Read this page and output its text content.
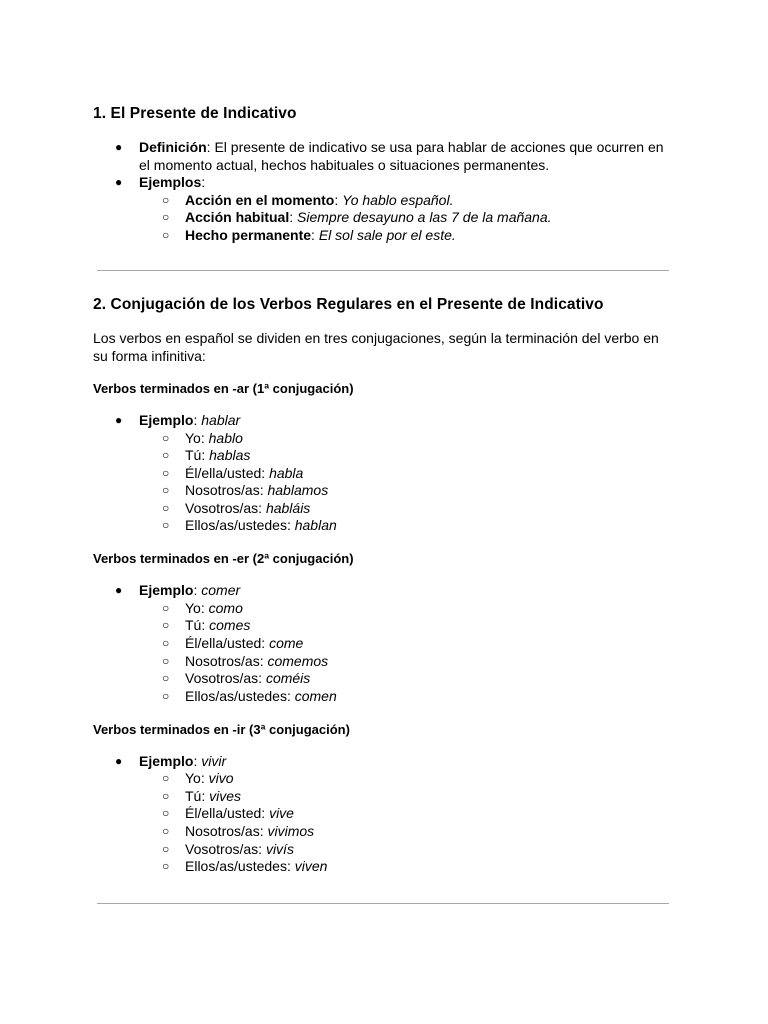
1. El Presente de Indicativo
● Definición: El presente de indicativo se usa para hablar de acciones que ocurren en el momento actual, hechos habituales o situaciones permanentes.
● Ejemplos:
○ Acción en el momento: Yo hablo español.
○ Acción habitual: Siempre desayuno a las 7 de la mañana.
○ Hecho permanente: El sol sale por el este.
2. Conjugación de los Verbos Regulares en el Presente de Indicativo
Los verbos en español se dividen en tres conjugaciones, según la terminación del verbo en su forma infinitiva:
Verbos terminados en -ar (1ª conjugación)
● Ejemplo: hablar
○ Yo: hablo
○ Tú: hablas
○ Él/ella/usted: habla
○ Nosotros/as: hablamos
○ Vosotros/as: habláis
○ Ellos/as/ustedes: hablan
Verbos terminados en -er (2ª conjugación)
● Ejemplo: comer
○ Yo: como
○ Tú: comes
○ Él/ella/usted: come
○ Nosotros/as: comemos
○ Vosotros/as: coméis
○ Ellos/as/ustedes: comen
Verbos terminados en -ir (3ª conjugación)
● Ejemplo: vivir
○ Yo: vivo
○ Tú: vives
○ Él/ella/usted: vive
○ Nosotros/as: vivimos
○ Vosotros/as: vivís
○ Ellos/as/ustedes: viven
